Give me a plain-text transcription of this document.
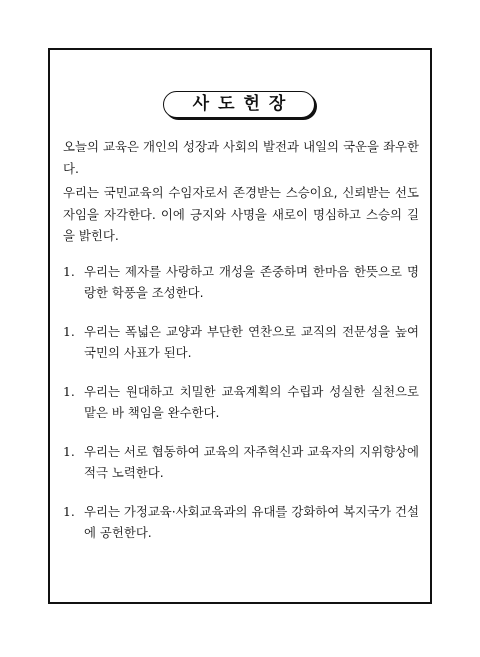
사도헌장

오늘의 교육은 개인의 성장과 사회의 발전과 내일의 국운을 좌우한다.

우리는 국민교육의 수임자로서 존경받는 스승이요, 신뢰받는 선도자임을 자각한다. 이에 긍지와 사명을 새로이 명심하고 스승의 길을 밝힌다.

1. 우리는 제자를 사랑하고 개성을 존중하며 한마음 한뜻으로 명랑한 학풍을 조성한다.
1. 우리는 폭넓은 교양과 부단한 연찬으로 교직의 전문성을 높여 국민의 사표가 된다.
1. 우리는 원대하고 치밀한 교육계획의 수립과 성실한 실천으로 맡은 바 책임을 완수한다.
1. 우리는 서로 협동하여 교육의 자주혁신과 교육자의 지위향상에 적극 노력한다.
1. 우리는 가정교육·사회교육과의 유대를 강화하여 복지국가 건설에 공헌한다.
